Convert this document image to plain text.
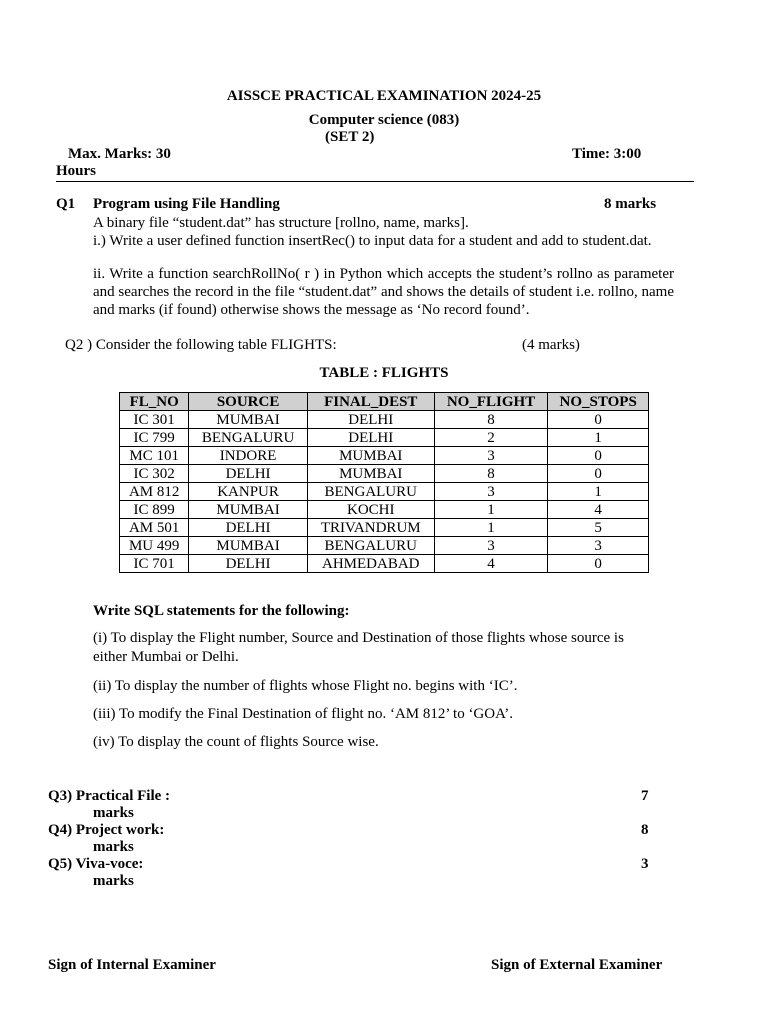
AISSCE PRACTICAL EXAMINATION 2024-25
Computer science (083)
(SET 2)
Max. Marks: 30	Time: 3:00
Hours
Q1 Program using File Handling	8 marks
A binary file “student.dat” has structure [rollno, name, marks].
i.) Write a user defined function insertRec() to input data for a student and add to student.dat.
ii. Write a function searchRollNo( r ) in Python which accepts the student’s rollno as parameter and searches the record in the file “student.dat” and shows the details of student i.e. rollno, name and marks (if found) otherwise shows the message as ‘No record found’.
Q2 ) Consider the following table FLIGHTS:	(4 marks)
TABLE : FLIGHTS
FL_NO	SOURCE	FINAL_DEST	NO_FLIGHT	NO_STOPS
IC 301	MUMBAI	DELHI	8	0
IC 799	BENGALURU	DELHI	2	1
MC 101	INDORE	MUMBAI	3	0
IC 302	DELHI	MUMBAI	8	0
AM 812	KANPUR	BENGALURU	3	1
IC 899	MUMBAI	KOCHI	1	4
AM 501	DELHI	TRIVANDRUM	1	5
MU 499	MUMBAI	BENGALURU	3	3
IC 701	DELHI	AHMEDABAD	4	0
Write SQL statements for the following:
(i) To display the Flight number, Source and Destination of those flights whose source is either Mumbai or Delhi.
(ii) To display the number of flights whose Flight no. begins with ‘IC’.
(iii) To modify the Final Destination of flight no. ‘AM 812’ to ‘GOA’.
(iv) To display the count of flights Source wise.
Q3) Practical File :	7
marks
Q4) Project work:	8
marks
Q5) Viva-voce:	3
marks
Sign of Internal Examiner	Sign of External Examiner
